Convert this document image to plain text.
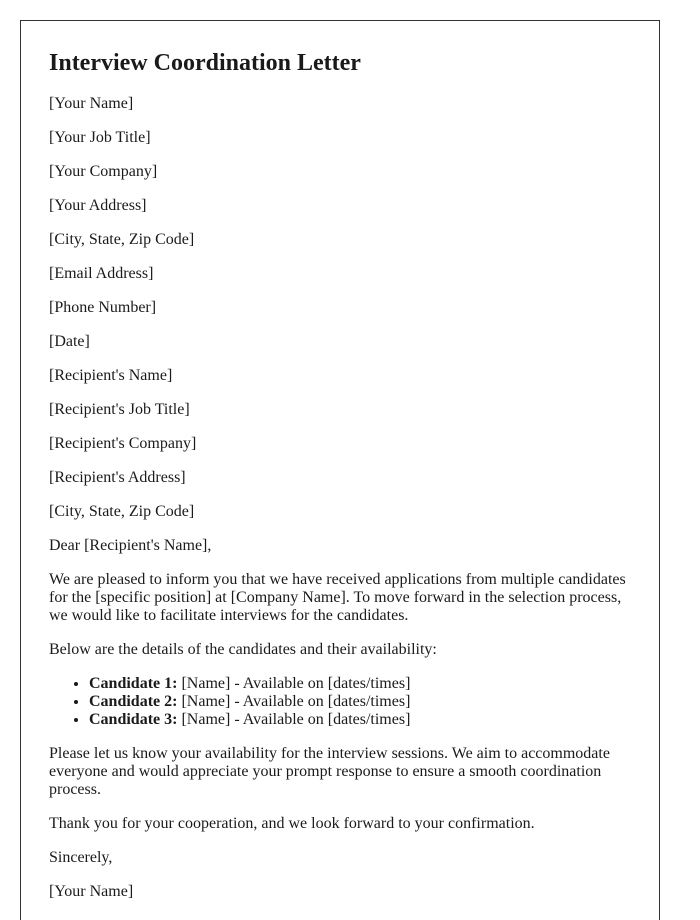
Interview Coordination Letter

[Your Name]

[Your Job Title]

[Your Company]

[Your Address]

[City, State, Zip Code]

[Email Address]

[Phone Number]

[Date]

[Recipient's Name]

[Recipient's Job Title]

[Recipient's Company]

[Recipient's Address]

[City, State, Zip Code]

Dear [Recipient's Name],

We are pleased to inform you that we have received applications from multiple candidates for the [specific position] at [Company Name]. To move forward in the selection process, we would like to facilitate interviews for the candidates.

Below are the details of the candidates and their availability:

• Candidate 1: [Name] - Available on [dates/times]
• Candidate 2: [Name] - Available on [dates/times]
• Candidate 3: [Name] - Available on [dates/times]

Please let us know your availability for the interview sessions. We aim to accommodate everyone and would appreciate your prompt response to ensure a smooth coordination process.

Thank you for your cooperation, and we look forward to your confirmation.

Sincerely,

[Your Name]
